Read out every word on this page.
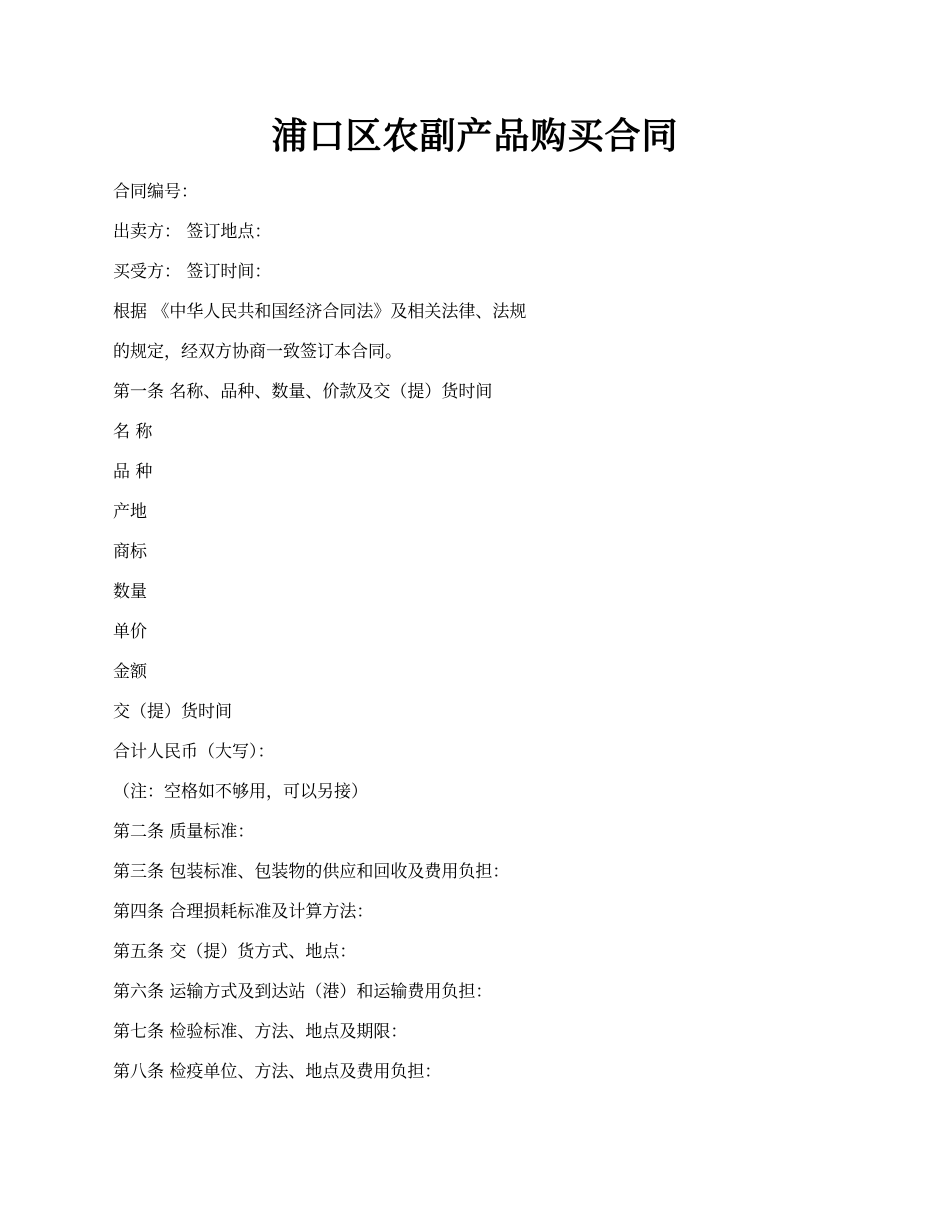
浦口区农副产品购买合同
合同编号：
出卖方： 签订地点：
买受方： 签订时间：
根据 《中华人民共和国经济合同法》及相关法律、法规
的规定，经双方协商一致签订本合同。
第一条 名称、品种、数量、价款及交（提）货时间
名 称
品 种
产地
商标
数量
单价
金额
交（提）货时间
合计人民币（大写）：
（注：空格如不够用，可以另接）
第二条 质量标准：
第三条 包装标准、包装物的供应和回收及费用负担：
第四条 合理损耗标准及计算方法：
第五条 交（提）货方式、地点：
第六条 运输方式及到达站（港）和运输费用负担：
第七条 检验标准、方法、地点及期限：
第八条 检疫单位、方法、地点及费用负担：
